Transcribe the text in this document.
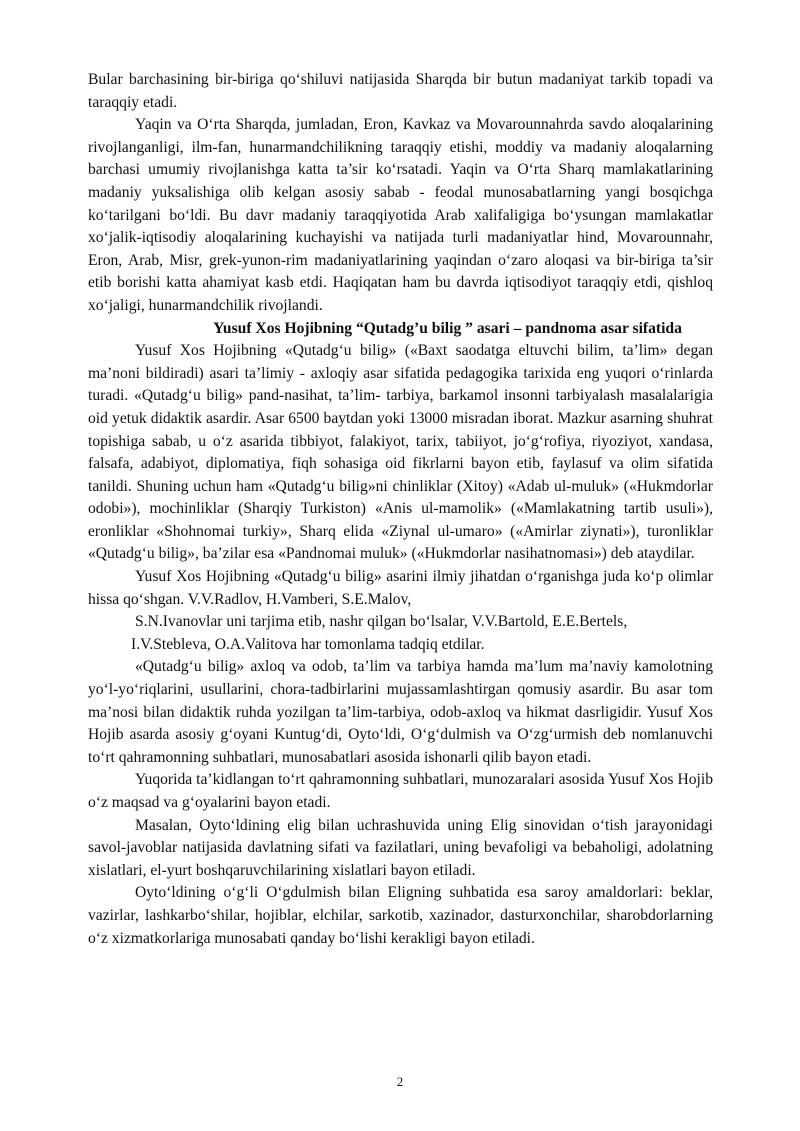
Bular barchasining bir-biriga qo‘shiluvi natijasida Sharqda bir butun madaniyat tarkib topadi va taraqqiy etadi.

Yaqin va O‘rta Sharqda, jumladan, Eron, Kavkaz va Movarounnahrda savdo aloqalarining rivojlanganligi, ilm-fan, hunarmandchilikning taraqqiy etishi, moddiy va madaniy aloqalarning barchasi umumiy rivojlanishga katta ta’sir ko‘rsatadi. Yaqin va O‘rta Sharq mamlakatlarining madaniy yuksalishiga olib kelgan asosiy sabab - feodal munosabatlarning yangi bosqichga ko‘tarilgani bo‘ldi. Bu davr madaniy taraqqiyotida Arab xalifaligiga bo‘ysungan mamlakatlar xo‘jalik-iqtisodiy aloqalarining kuchayishi va natijada turli madaniyatlar hind, Movarounnahr, Eron, Arab, Misr, grek-yunon-rim madaniyatlarining yaqindan o‘zaro aloqasi va bir-biriga ta’sir etib borishi katta ahamiyat kasb etdi. Haqiqatan ham bu davrda iqtisodiyot taraqqiy etdi, qishloq xo‘jaligi, hunarmandchilik rivojlandi.

Yusuf Xos Hojibning “Qutadg’u bilig ” asari – pandnoma asar sifatida

Yusuf Xos Hojibning «Qutadg‘u bilig» («Baxt saodatga eltuvchi bilim, ta’lim» degan ma’noni bildiradi) asari ta’limiy - axloqiy asar sifatida pedagogika tarixida eng yuqori o‘rinlarda turadi. «Qutadg‘u bilig» pand-nasihat, ta’lim- tarbiya, barkamol insonni tarbiyalash masalalarigia oid yetuk didaktik asardir. Asar 6500 baytdan yoki 13000 misradan iborat. Mazkur asarning shuhrat topishiga sabab, u o‘z asarida tibbiyot, falakiyot, tarix, tabiiyot, jo‘g‘rofiya, riyoziyot, xandasa, falsafa, adabiyot, diplomatiya, fiqh sohasiga oid fikrlarni bayon etib, faylasuf va olim sifatida tanildi. Shuning uchun ham «Qutadg‘u bilig»ni chinliklar (Xitoy) «Adab ul-muluk» («Hukmdorlar odobi»), mochinliklar (Sharqiy Turkiston) «Anis ul-mamolik» («Mamlakatning tartib usuli»), eronliklar «Shohnomai turkiy», Sharq elida «Ziynal ul-umaro» («Amirlar ziynati»), turonliklar «Qutadg‘u bilig», ba’zilar esa «Pandnomai muluk» («Hukmdorlar nasihatnomasi») deb ataydilar.

Yusuf Xos Hojibning «Qutadg‘u bilig» asarini ilmiy jihatdan o‘rganishga juda ko‘p olimlar hissa qo‘shgan. V.V.Radlov, H.Vamberi, S.E.Malov,
S.N.Ivanovlar uni tarjima etib, nashr qilgan bo‘lsalar, V.V.Bartold, E.E.Bertels,
I.V.Stebleva, O.A.Valitova har tomonlama tadqiq etdilar.

«Qutadg‘u bilig» axloq va odob, ta’lim va tarbiya hamda ma’lum ma’naviy kamolotning yo‘l-yo‘riqlarini, usullarini, chora-tadbirlarini mujassamlashtirgan qomusiy asardir. Bu asar tom ma’nosi bilan didaktik ruhda yozilgan ta’lim-tarbiya, odob-axloq va hikmat dasrligidir. Yusuf Xos Hojib asarda asosiy g‘oyani Kuntug‘di, Oyto‘ldi, O‘g‘dulmish va O‘zg‘urmish deb nomlanuvchi to‘rt qahramonning suhbatlari, munosabatlari asosida ishonarli qilib bayon etadi.

Yuqorida ta’kidlangan to‘rt qahramonning suhbatlari, munozaralari asosida Yusuf Xos Hojib o‘z maqsad va g‘oyalarini bayon etadi.

Masalan, Oyto‘ldining elig bilan uchrashuvida uning Elig sinovidan o‘tish jarayonidagi savol-javoblar natijasida davlatning sifati va fazilatlari, uning bevafoligi va bebaholigi, adolatning xislatlari, el-yurt boshqaruvchilarining xislatlari bayon etiladi.

Oyto‘ldining o‘g‘li O‘gdulmish bilan Eligning suhbatida esa saroy amaldorlari: beklar, vazirlar, lashkarbo‘shilar, hojiblar, elchilar, sarkotib, xazinador, dasturxonchilar, sharobdorlarning o‘z xizmatkorlariga munosabati qanday bo‘lishi kerakligi bayon etiladi.

2
